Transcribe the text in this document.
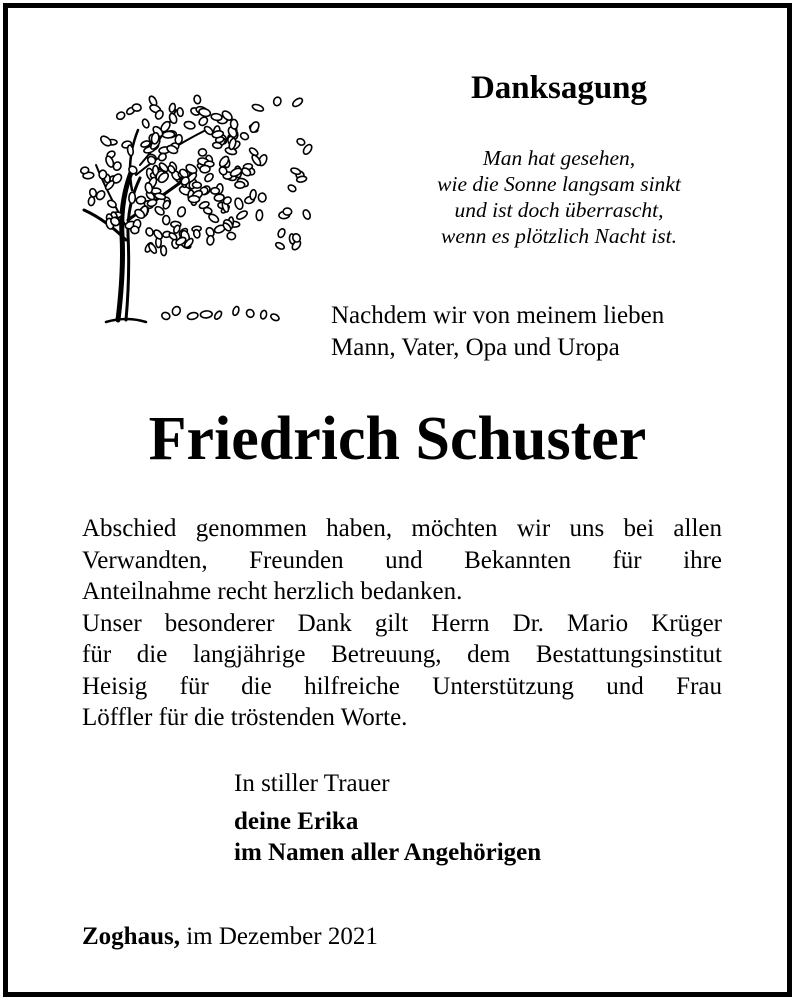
Danksagung
Man hat gesehen,
wie die Sonne langsam sinkt
und ist doch überrascht,
wenn es plötzlich Nacht ist.
Nachdem wir von meinem lieben
Mann, Vater, Opa und Uropa
Friedrich Schuster
Abschied genommen haben, möchten wir uns bei allen
Verwandten, Freunden und Bekannten für ihre
Anteilnahme recht herzlich bedanken.
Unser besonderer Dank gilt Herrn Dr. Mario Krüger
für die langjährige Betreuung, dem Bestattungsinstitut
Heisig für die hilfreiche Unterstützung und Frau
Löffler für die tröstenden Worte.
In stiller Trauer
deine Erika
im Namen aller Angehörigen
Zoghaus, im Dezember 2021
